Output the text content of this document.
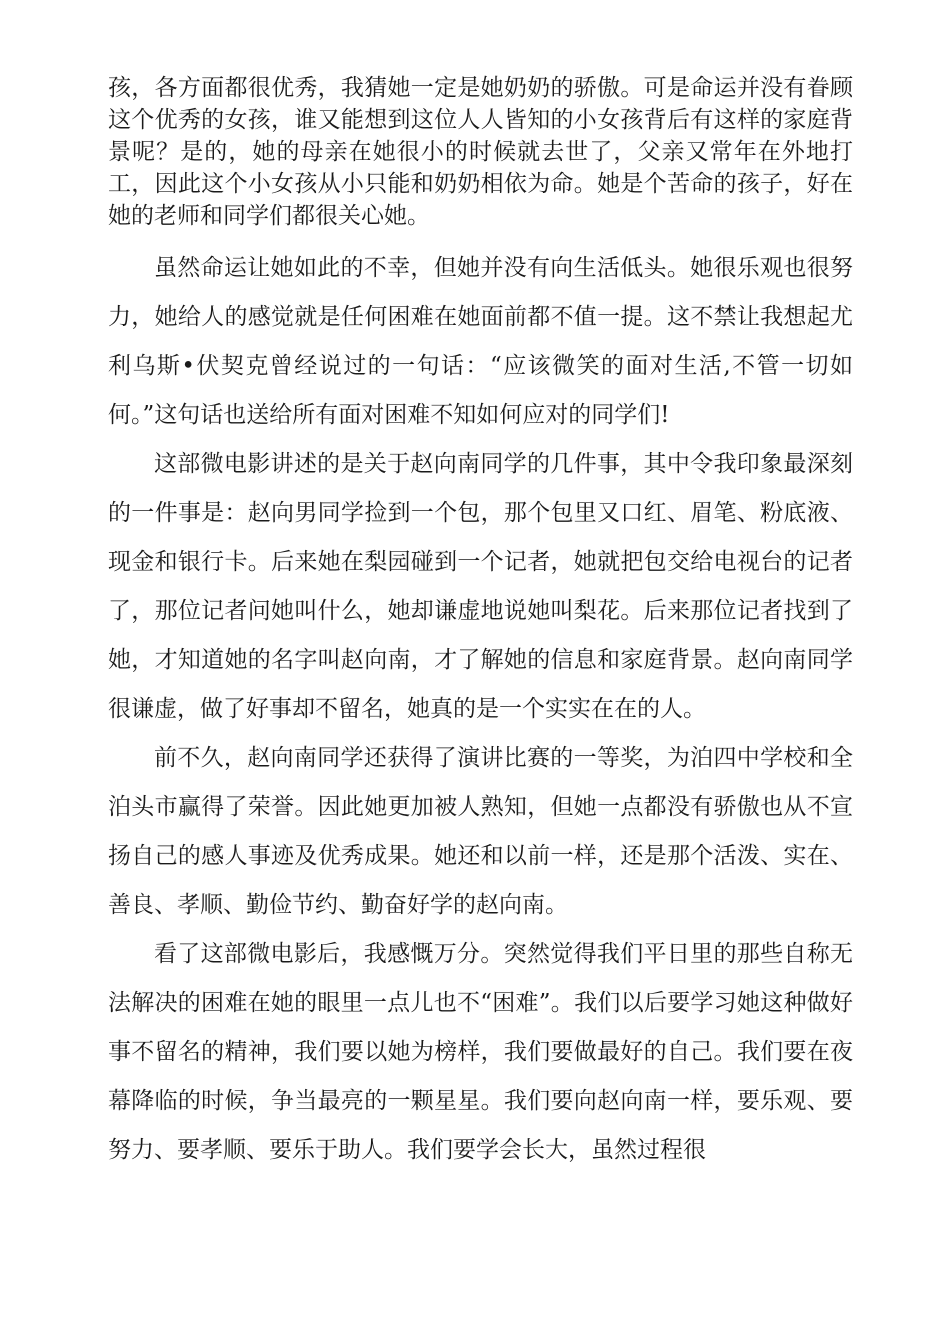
孩，各方面都很优秀，我猜她一定是她奶奶的骄傲。可是命运并没有眷顾这个优秀的女孩，谁又能想到这位人人皆知的小女孩背后有这样的家庭背景呢？是的，她的母亲在她很小的时候就去世了，父亲又常年在外地打工，因此这个小女孩从小只能和奶奶相依为命。她是个苦命的孩子，好在她的老师和同学们都很关心她。

虽然命运让她如此的不幸，但她并没有向生活低头。她很乐观也很努力，她给人的感觉就是任何困难在她面前都不值一提。这不禁让我想起尤利乌斯•伏契克曾经说过的一句话：“应该微笑的面对生活,不管一切如何。”这句话也送给所有面对困难不知如何应对的同学们!

这部微电影讲述的是关于赵向南同学的几件事，其中令我印象最深刻的一件事是：赵向男同学捡到一个包，那个包里又口红、眉笔、粉底液、现金和银行卡。后来她在梨园碰到一个记者，她就把包交给电视台的记者了，那位记者问她叫什么，她却谦虚地说她叫梨花。后来那位记者找到了她，才知道她的名字叫赵向南，才了解她的信息和家庭背景。赵向南同学很谦虚，做了好事却不留名，她真的是一个实实在在的人。

前不久，赵向南同学还获得了演讲比赛的一等奖，为泊四中学校和全泊头市赢得了荣誉。因此她更加被人熟知，但她一点都没有骄傲也从不宣扬自己的感人事迹及优秀成果。她还和以前一样，还是那个活泼、实在、善良、孝顺、勤俭节约、勤奋好学的赵向南。

看了这部微电影后，我感慨万分。突然觉得我们平日里的那些自称无法解决的困难在她的眼里一点儿也不“困难”。我们以后要学习她这种做好事不留名的精神，我们要以她为榜样，我们要做最好的自己。我们要在夜幕降临的时候，争当最亮的一颗星星。我们要向赵向南一样，要乐观、要努力、要孝顺、要乐于助人。我们要学会长大，虽然过程很
